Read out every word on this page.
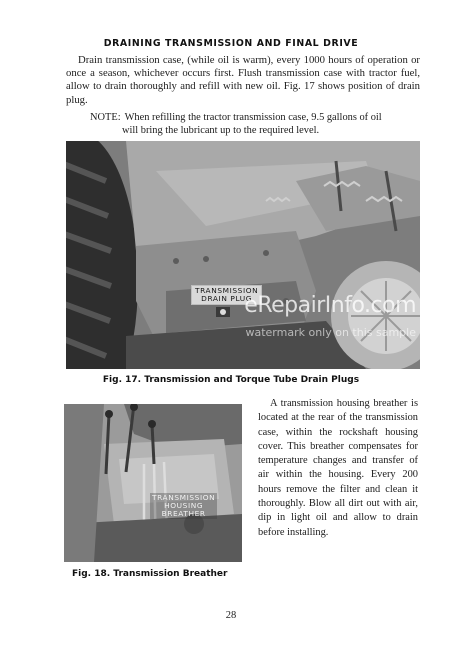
DRAINING TRANSMISSION AND FINAL DRIVE
Drain transmission case, (while oil is warm), every 1000 hours of operation or once a season, whichever occurs first. Flush transmission case with tractor fuel, allow to drain thoroughly and refill with new oil. Fig. 17 shows position of drain plug.
NOTE: When refilling the tractor transmission case, 9.5 gallons of oil
will bring the lubricant up to the required level.
TRANSMISSION
DRAIN PLUG
eRepairInfo.com
watermark only on this sample
Fig. 17. Transmission and Torque Tube Drain Plugs
TRANSMISSION
HOUSING
BREATHER
Fig. 18. Transmission Breather
A transmission housing breather is located at the rear of the transmission case, within the rockshaft housing cover. This breather compensates for temperature changes and transfer of air within the housing. Every 200 hours remove the filter and clean it thoroughly. Blow all dirt out with air, dip in light oil and allow to drain before installing.
28
